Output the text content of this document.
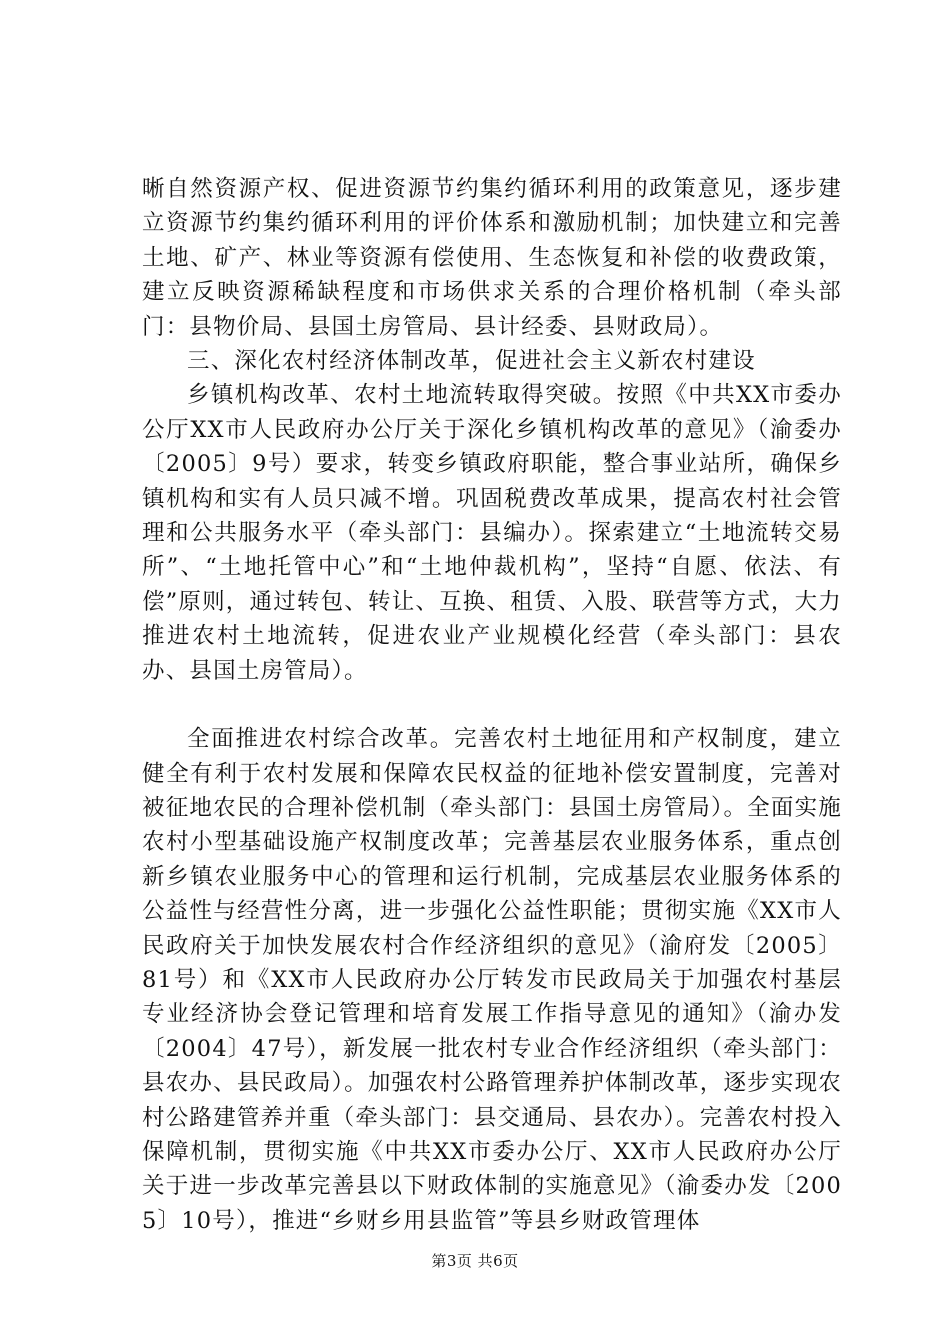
晰自然资源产权、促进资源节约集约循环利用的政策意见，逐步建立资源节约集约循环利用的评价体系和激励机制；加快建立和完善土地、矿产、林业等资源有偿使用、生态恢复和补偿的收费政策，建立反映资源稀缺程度和市场供求关系的合理价格机制（牵头部门：县物价局、县国土房管局、县计经委、县财政局）。

三、深化农村经济体制改革，促进社会主义新农村建设

乡镇机构改革、农村土地流转取得突破。按照《中共XX市委办公厅XX市人民政府办公厅关于深化乡镇机构改革的意见》（渝委办〔2005〕9号）要求，转变乡镇政府职能，整合事业站所，确保乡镇机构和实有人员只减不增。巩固税费改革成果，提高农村社会管理和公共服务水平（牵头部门：县编办）。探索建立“土地流转交易所”、“土地托管中心”和“土地仲裁机构”，坚持“自愿、依法、有偿”原则，通过转包、转让、互换、租赁、入股、联营等方式，大力推进农村土地流转，促进农业产业规模化经营（牵头部门：县农办、县国土房管局）。

全面推进农村综合改革。完善农村土地征用和产权制度，建立健全有利于农村发展和保障农民权益的征地补偿安置制度，完善对被征地农民的合理补偿机制（牵头部门：县国土房管局）。全面实施农村小型基础设施产权制度改革；完善基层农业服务体系，重点创新乡镇农业服务中心的管理和运行机制，完成基层农业服务体系的公益性与经营性分离，进一步强化公益性职能；贯彻实施《XX市人民政府关于加快发展农村合作经济组织的意见》（渝府发〔2005〕81号）和《XX市人民政府办公厅转发市民政局关于加强农村基层专业经济协会登记管理和培育发展工作指导意见的通知》（渝办发〔2004〕47号），新发展一批农村专业合作经济组织（牵头部门：县农办、县民政局）。加强农村公路管理养护体制改革，逐步实现农村公路建管养并重（牵头部门：县交通局、县农办）。完善农村投入保障机制，贯彻实施《中共XX市委办公厅、XX市人民政府办公厅关于进一步改革完善县以下财政体制的实施意见》（渝委办发〔2005〕10号），推进“乡财乡用县监管”等县乡财政管理体

第3页 共6页
